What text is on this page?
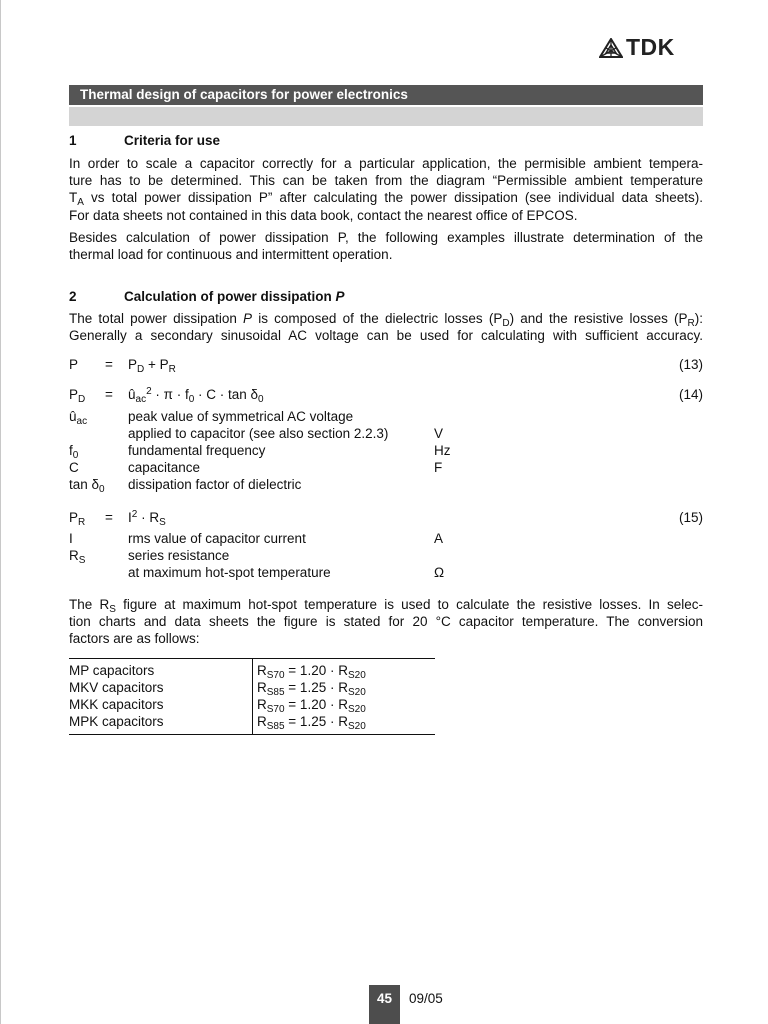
TDK
Thermal design of capacitors for power electronics
1	Criteria for use
In order to scale a capacitor correctly for a particular application, the permisible ambient tempera-
ture has to be determined. This can be taken from the diagram “Permissible ambient temperature
$T_A$ vs total power dissipation P” after calculating the power dissipation (see individual data sheets).
For data sheets not contained in this data book, contact the nearest office of EPCOS.
Besides calculation of power dissipation P, the following examples illustrate determination of the
thermal load for continuous and intermittent operation.
2	Calculation of power dissipation P
The total power dissipation P is composed of the dielectric losses $(P_D)$ and the resistive losses $(P_R)$:
Generally a secondary sinusoidal AC voltage can be used for calculating with sufficient accuracy.
$P = P_D + P_R$	(13)
$P_D$ = $û_{ac}^2 \cdot \pi \cdot f_0 \cdot C \cdot \tan \delta_0$	(14)
$û_{ac}$	peak value of symmetrical AC voltage
applied to capacitor (see also section 2.2.3)	V
$f_0$	fundamental frequency	Hz
C	capacitance	F
$\tan \delta_0$ dissipation factor of dielectric
$P_R = I^2 \cdot R_S$	(15)
I	rms value of capacitor current	A
$R_S$	series resistance
at maximum hot-spot temperature	Ω
The $R_S$ figure at maximum hot-spot temperature is used to calculate the resistive losses. In selec-
tion charts and data sheets the figure is stated for 20 °C capacitor temperature. The conversion
factors are as follows:
MP capacitors	$R_{S70} = 1.20 \cdot R_{S20}$
MKV capacitors	$R_{S85} = 1.25 \cdot R_{S20}$
MKK capacitors	$R_{S70} = 1.20 \cdot R_{S20}$
MPK capacitors	$R_{S85} = 1.25 \cdot R_{S20}$
45	09/05
